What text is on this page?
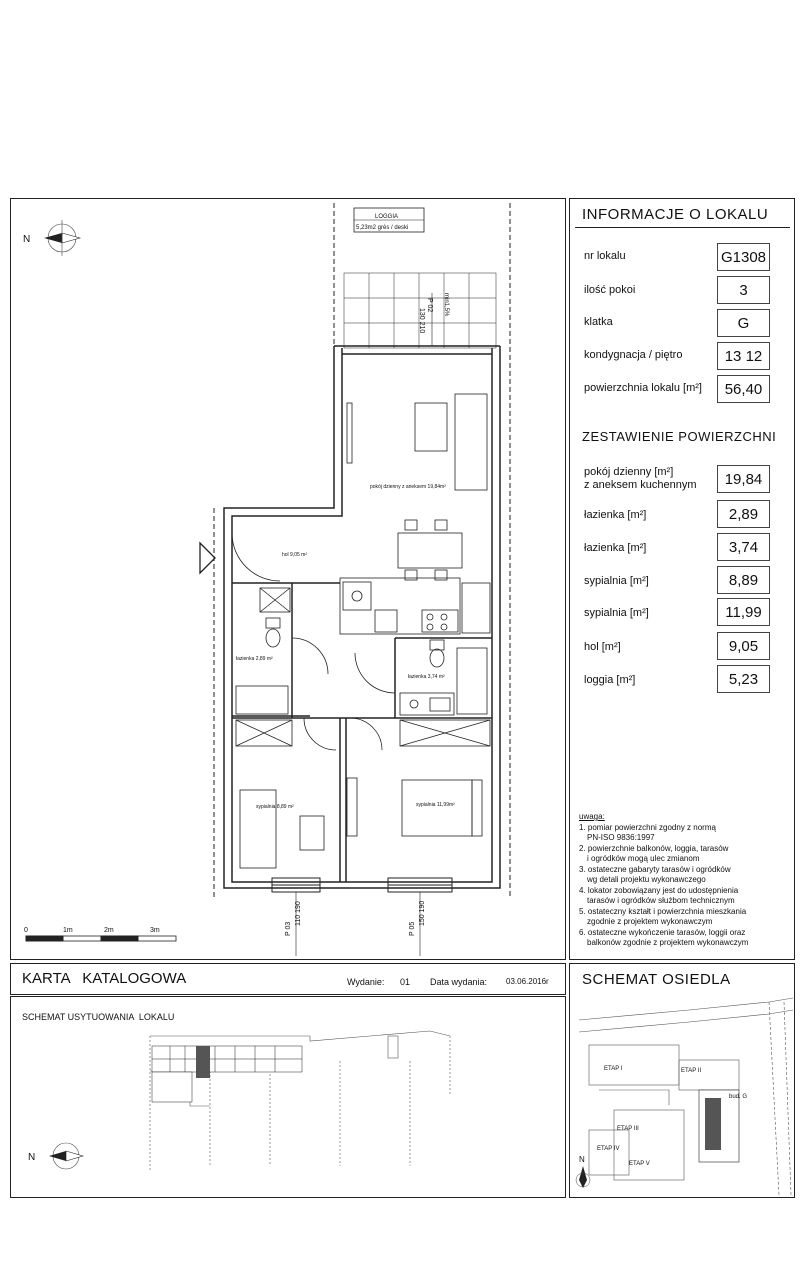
INFORMACJE O LOKALU
nr lokalu	G1308
ilość pokoi	3
klatka	G
kondygnacja / piętro	13 12
powierzchnia lokalu [m²]	56,40
ZESTAWIENIE POWIERZCHNI
pokój dzienny [m²]
z aneksem kuchennym	19,84
łazienka [m²]	2,89
łazienka [m²]	3,74
sypialnia [m²]	8,89
sypialnia [m²]	11,99
hol [m²]	9,05
loggia [m²]	5,23
uwaga:
1. pomiar powierzchni zgodny z normą
PN-ISO 9836:1997
2. powierzchnie balkonów, loggia, tarasów
i ogródków mogą ulec zmianom
3. ostateczne gabaryty tarasów i ogródków
wg detali projektu wykonawczego
4. lokator zobowiązany jest do udostępnienia
tarasów i ogródków służbom technicznym
5. ostateczny kształt i powierzchnia mieszkania
zgodnie z projektem wykonawczym
6. ostateczne wykończenie tarasów, loggii oraz
balkonów zgodnie z projektem wykonawczym
KARTA   KATALOGOWA	Wydanie: 01 Data wydania: 03.06.2016r SCHEMAT OSIEDLA
SCHEMAT USYTUOWANIA  LOKALU
N
LOGGIA
5,23m2 grès / deski
min1,5%
P 02
130 210
pokój dzienny z aneksem 19,84m²
hol 9,05 m²
łazienka 2,89 m²
łazienka 3,74 m²
sypialnia 8,89 m²	sypialnia 11,99m²
P 03
110 190
P 05
150 190
0	1m	2m	3m
N
ETAP I	ETAP II
ETAP III
ETAP IV
ETAP V
bud. G
N
